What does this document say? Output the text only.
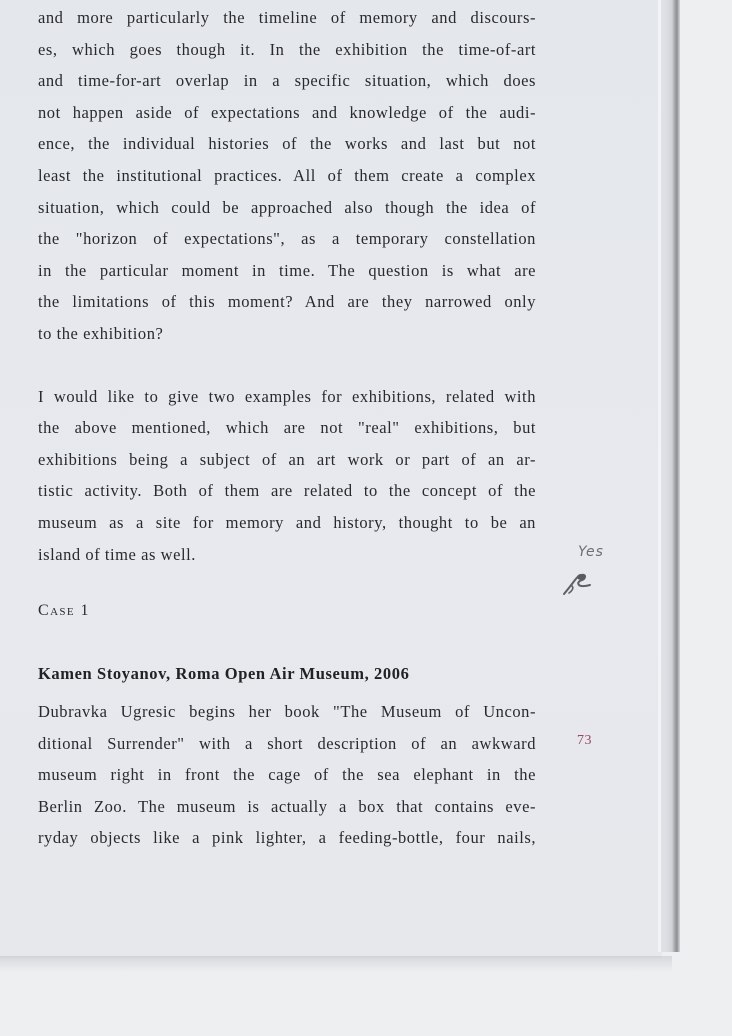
and more particularly the timeline of memory and discours-
es, which goes though it. In the exhibition the time-of-art
and time-for-art overlap in a specific situation, which does
not happen aside of expectations and knowledge of the audi-
ence, the individual histories of the works and last but not
least the institutional practices. All of them create a complex
situation, which could be approached also though the idea of
the "horizon of expectations", as a temporary constellation
in the particular moment in time. The question is what are
the limitations of this moment? And are they narrowed only
to the exhibition?

I would like to give two examples for exhibitions, related with
the above mentioned, which are not "real" exhibitions, but
exhibitions being a subject of an art work or part of an ar-
tistic activity. Both of them are related to the concept of the
museum as a site for memory and history, thought to be an
island of time as well.

Case 1
Kamen Stoyanov, Roma Open Air Museum, 2006
Dubravka Ugresic begins her book "The Museum of Uncon-
ditional Surrender" with a short description of an awkward
museum right in front the cage of the sea elephant in the
Berlin Zoo. The museum is actually a box that contains eve-
ryday objects like a pink lighter, a feeding-bottle, four nails,
Yes
73
